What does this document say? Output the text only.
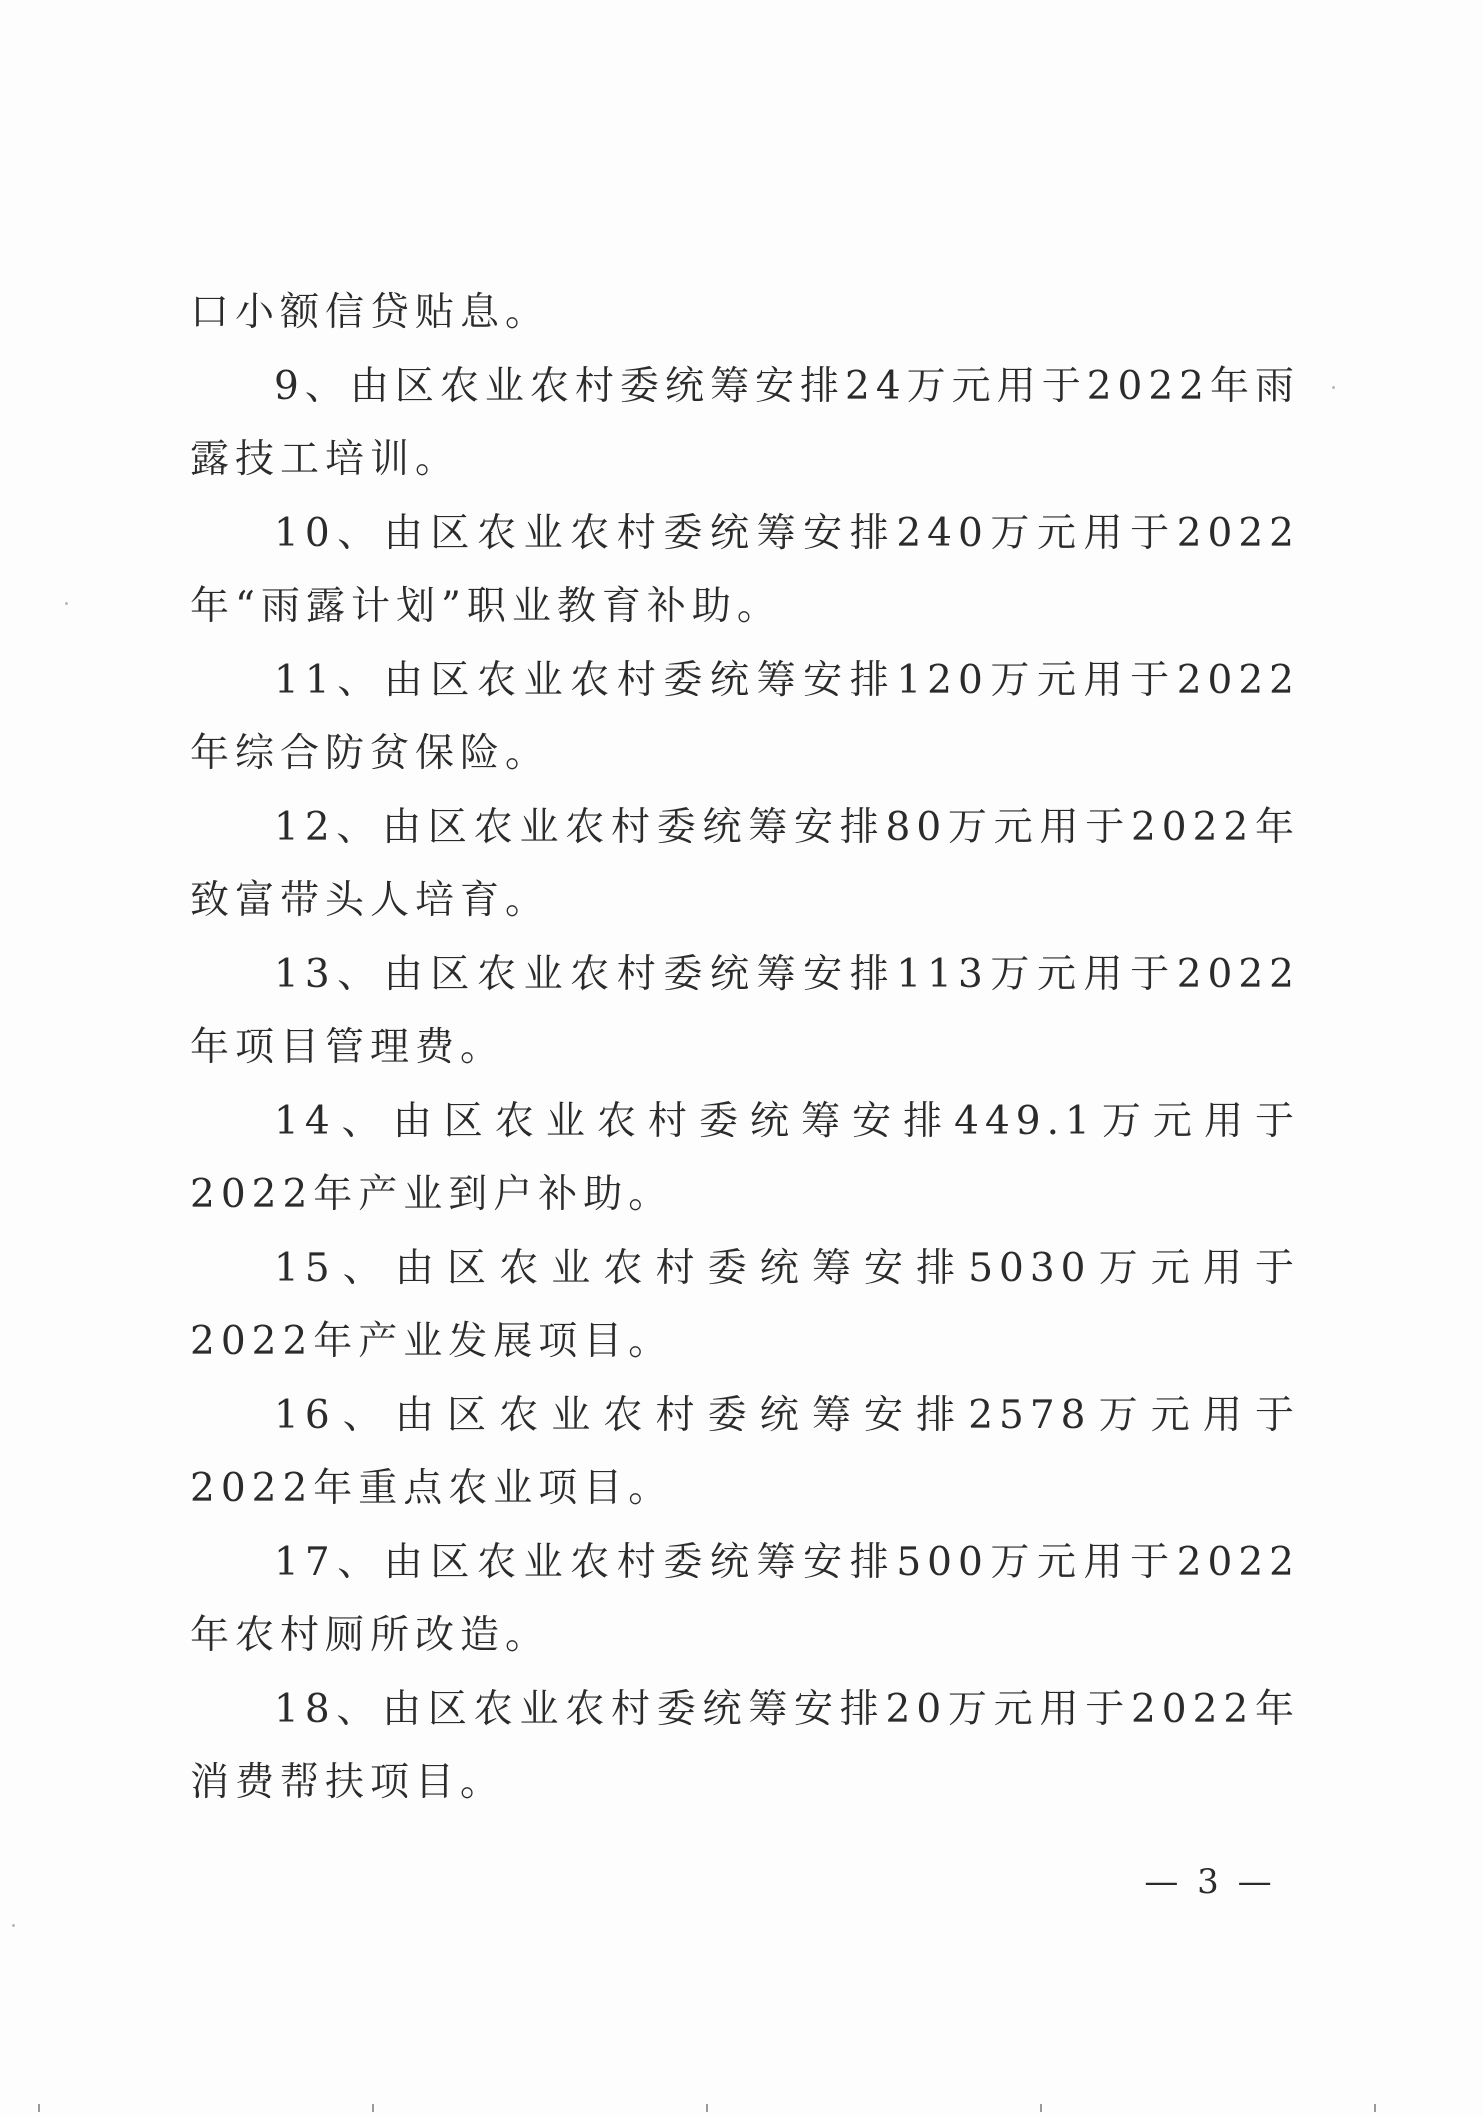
口小额信贷贴息。

9、由区农业农村委统筹安排24万元用于2022年雨露技工培训。

10、由区农业农村委统筹安排240万元用于2022年“雨露计划”职业教育补助。

11、由区农业农村委统筹安排120万元用于2022年综合防贫保险。

12、由区农业农村委统筹安排80万元用于2022年致富带头人培育。

13、由区农业农村委统筹安排113万元用于2022年项目管理费。

14、由区农业农村委统筹安排449.1万元用于2022年产业到户补助。

15、由区农业农村委统筹安排5030万元用于2022年产业发展项目。

16、由区农业农村委统筹安排2578万元用于2022年重点农业项目。

17、由区农业农村委统筹安排500万元用于2022年农村厕所改造。

18、由区农业农村委统筹安排20万元用于2022年消费帮扶项目。

— 3 —
